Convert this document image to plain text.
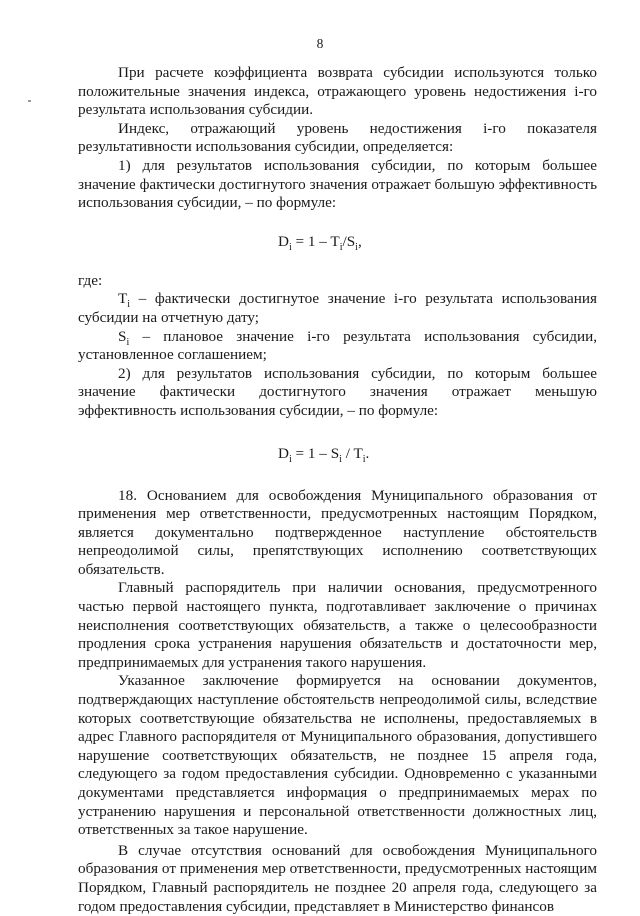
8

При расчете коэффициента возврата субсидии используются только положительные значения индекса, отражающего уровень недостижения i-го результата использования субсидии.

Индекс, отражающий уровень недостижения i-го показателя результативности использования субсидии, определяется:

1) для результатов использования субсидии, по которым большее значение фактически достигнутого значения отражает большую эффективность использования субсидии, – по формуле:

$D_i = 1 - T_i/S_i$,

где:

$T_i$ – фактически достигнутое значение i-го результата использования субсидии на отчетную дату;

$S_i$ – плановое значение i-го результата использования субсидии, установленное соглашением;

2) для результатов использования субсидии, по которым большее значение фактически достигнутого значения отражает меньшую эффективность использования субсидии, – по формуле:

$D_i = 1 - S_i / T_i$.

18. Основанием для освобождения Муниципального образования от применения мер ответственности, предусмотренных настоящим Порядком, является документально подтвержденное наступление обстоятельств непреодолимой силы, препятствующих исполнению соответствующих обязательств.

Главный распорядитель при наличии основания, предусмотренного частью первой настоящего пункта, подготавливает заключение о причинах неисполнения соответствующих обязательств, а также о целесообразности продления срока устранения нарушения обязательств и достаточности мер, предпринимаемых для устранения такого нарушения.

Указанное заключение формируется на основании документов, подтверждающих наступление обстоятельств непреодолимой силы, вследствие которых соответствующие обязательства не исполнены, предоставляемых в адрес Главного распорядителя от Муниципального образования, допустившего нарушение соответствующих обязательств, не позднее 15 апреля года, следующего за годом предоставления субсидии. Одновременно с указанными документами представляется информация о предпринимаемых мерах по устранению нарушения и персональной ответственности должностных лиц, ответственных за такое нарушение.

В случае отсутствия оснований для освобождения Муниципального образования от применения мер ответственности, предусмотренных настоящим Порядком, Главный распорядитель не позднее 20 апреля года, следующего за годом предоставления субсидии, представляет в Министерство финансов
